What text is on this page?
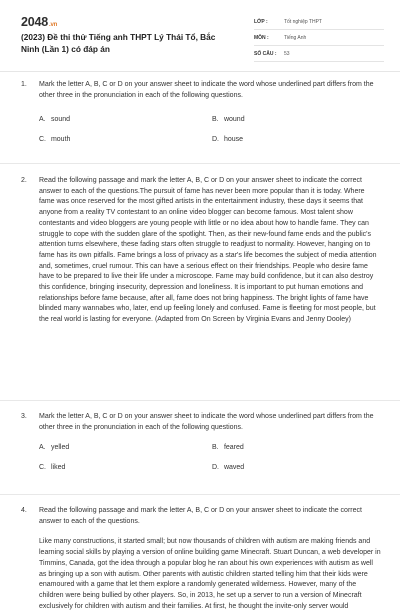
2048.vn
(2023) Đề thi thử Tiếng anh THPT Lý Thái Tổ, Bắc Ninh (Lần 1) có đáp án
LỚP :	Tốt nghiệp THPT
MÔN :	Tiếng Anh
SỐ CÂU :	53
1. Mark the letter A, B, C or D on your answer sheet to indicate the word whose underlined part differs from the other three in the pronunciation in each of the following questions.
A. sound	B. wound
C. mouth	D. house
2. Read the following passage and mark the letter A, B, C or D on your answer sheet to indicate the correct answer to each of the questions.The pursuit of fame has never been more popular than it is today. Where fame was once reserved for the most gifted artists in the entertainment industry, these days it seems that anyone from a reality TV contestant to an online video blogger can become famous. Most talent show contestants and video bloggers are young people with little or no idea about how to handle fame. They can struggle to cope with the sudden glare of the spotlight. Then, as their new-found fame ends and the public's attention turns elsewhere, these fading stars often struggle to readjust to normality. However, hanging on to fame has its own pitfalls. Fame brings a loss of privacy as a star's life becomes the subject of media attention and, sometimes, cruel rumour. This can have a serious effect on their friendships. People who desire fame have to be prepared to live their life under a microscope. Fame may build confidence, but it can also destroy this confidence, bringing insecurity, depression and loneliness. It is important to put human emotions and relationships before fame because, after all, fame does not bring happiness. The bright lights of fame have blinded many wannabes who, later, end up feeling lonely and confused. Fame is fleeting for most people, but the real world is lasting for everyone. (Adapted from On Screen by Virginia Evans and Jenny Dooley)
3. Mark the letter A, B, C or D on your answer sheet to indicate the word whose underlined part differs from the other three in the pronunciation in each of the following questions.
A. yelled	B. feared
C. liked	D. waved
4. Read the following passage and mark the letter A, B, C or D on your answer sheet to indicate the correct answer to each of the questions.
Like many constructions, it started small; but now thousands of children with autism are making friends and learning social skills by playing a version of online building game Minecraft. Stuart Duncan, a web developer in Timmins, Canada, got the idea through a popular blog he ran about his own experiences with autism as well as bringing up a son with autism. Other parents with autistic children started telling him that their kids were enamoured with a game that let them explore a randomly generated wilderness. However, many of the children were being bullied by other players. So, in 2013, he set up a server to run a version of Minecraft exclusively for children with autism and their families. At first, he thought the invite-only server would
